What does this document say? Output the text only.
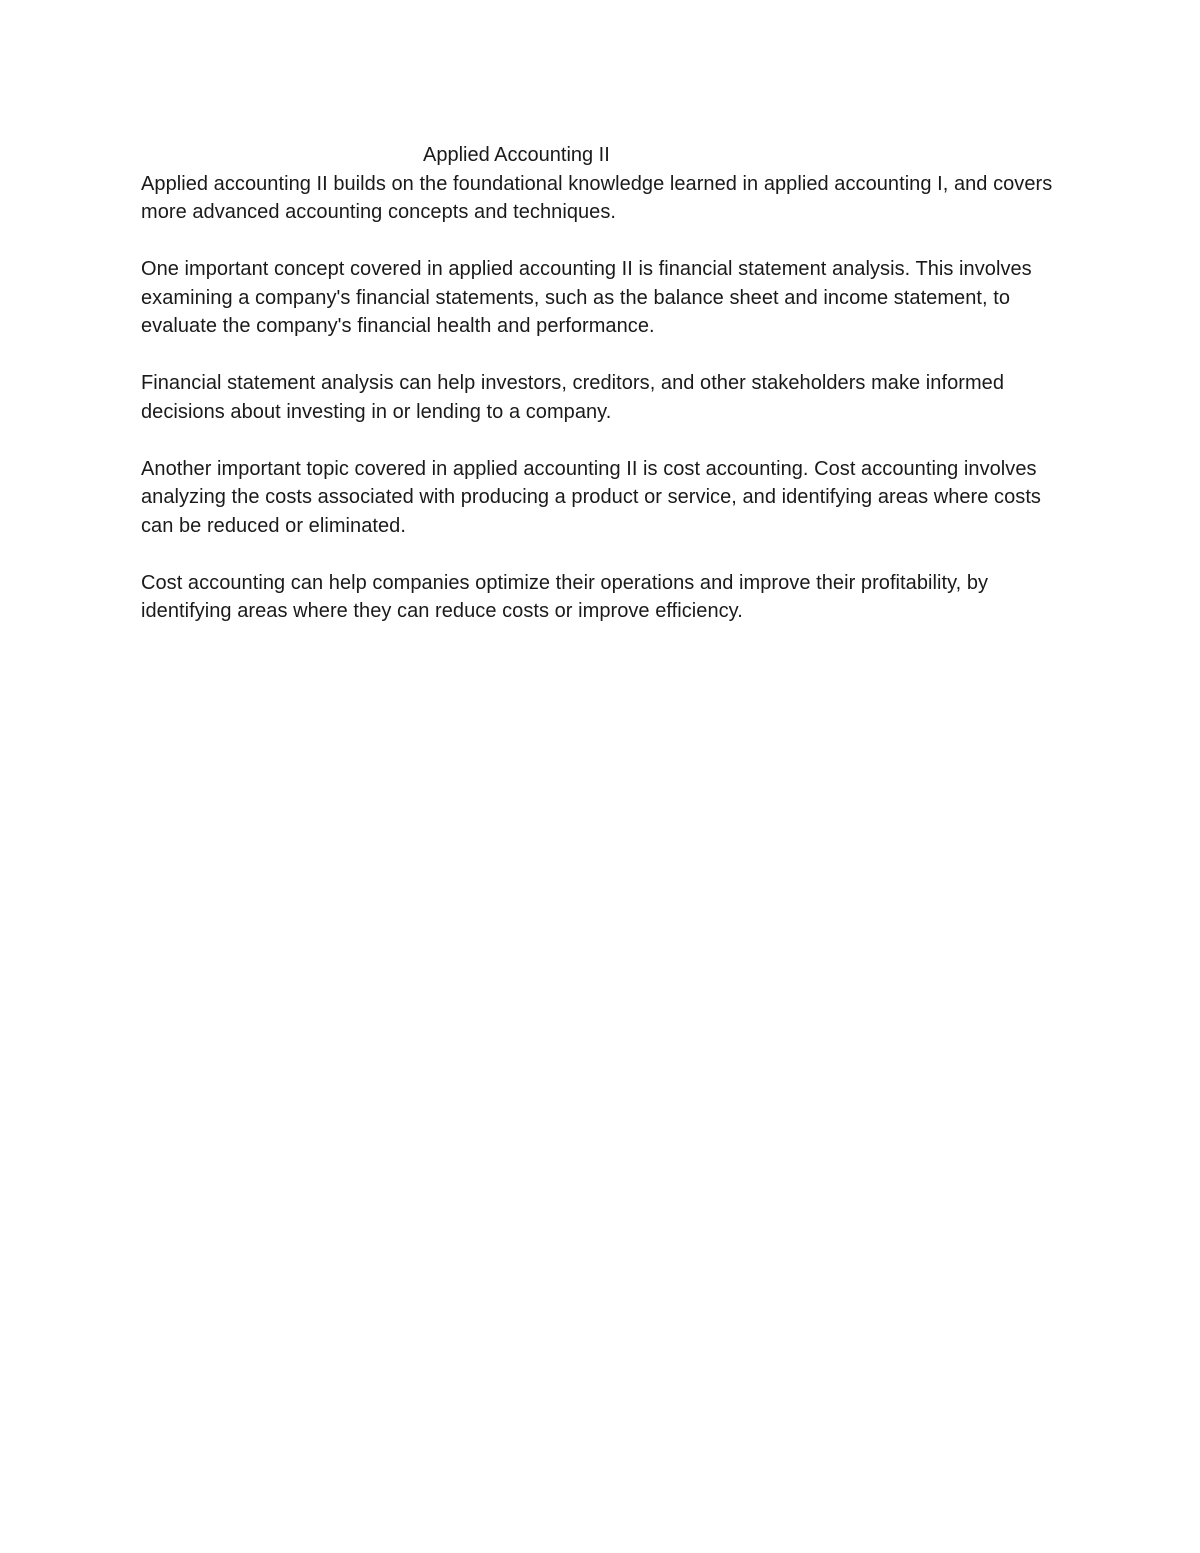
Applied Accounting II

Applied accounting II builds on the foundational knowledge learned in applied accounting I, and covers more advanced accounting concepts and techniques.

One important concept covered in applied accounting II is financial statement analysis. This involves examining a company's financial statements, such as the balance sheet and income statement, to evaluate the company's financial health and performance.

Financial statement analysis can help investors, creditors, and other stakeholders make informed decisions about investing in or lending to a company.

Another important topic covered in applied accounting II is cost accounting. Cost accounting involves analyzing the costs associated with producing a product or service, and identifying areas where costs can be reduced or eliminated.

Cost accounting can help companies optimize their operations and improve their profitability, by identifying areas where they can reduce costs or improve efficiency.
